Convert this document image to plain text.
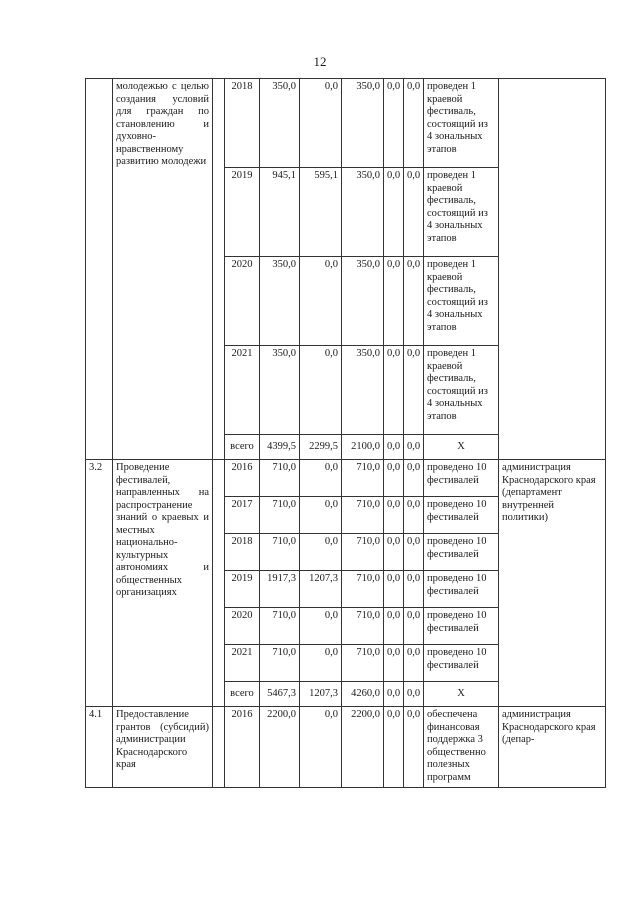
12
	молодежью с целью создания условий для граждан по становлению и духовно-нравственному развитию молодежи		2018	350,0	0,0	350,0	0,0	0,0	проведен 1 краевой фестиваль, состоящий из 4 зональных этапов	
			2019	945,1	595,1	350,0	0,0	0,0	проведен 1 краевой фестиваль, состоящий из 4 зональных этапов	
			2020	350,0	0,0	350,0	0,0	0,0	проведен 1 краевой фестиваль, состоящий из 4 зональных этапов	
			2021	350,0	0,0	350,0	0,0	0,0	проведен 1 краевой фестиваль, состоящий из 4 зональных этапов	
			всего	4399,5	2299,5	2100,0	0,0	0,0	X	
3.2	Проведение фестивалей, направленных на распространение знаний о краевых и местных национально-культурных автономиях и общественных организациях		2016	710,0	0,0	710,0	0,0	0,0	проведено 10 фестивалей	администрация Краснодарского края (департамент внутренней политики)
			2017	710,0	0,0	710,0	0,0	0,0	проведено 10 фестивалей	
			2018	710,0	0,0	710,0	0,0	0,0	проведено 10 фестивалей	
			2019	1917,3	1207,3	710,0	0,0	0,0	проведено 10 фестивалей	
			2020	710,0	0,0	710,0	0,0	0,0	проведено 10 фестивалей	
			2021	710,0	0,0	710,0	0,0	0,0	проведено 10 фестивалей	
			всего	5467,3	1207,3	4260,0	0,0	0,0	X	
4.1	Предоставление грантов (субсидий) администрации Краснодарского края		2016	2200,0	0,0	2200,0	0,0	0,0	обеспечена финансовая поддержка 3 общественно полезных программ	администрация Краснодарского края (депар-
